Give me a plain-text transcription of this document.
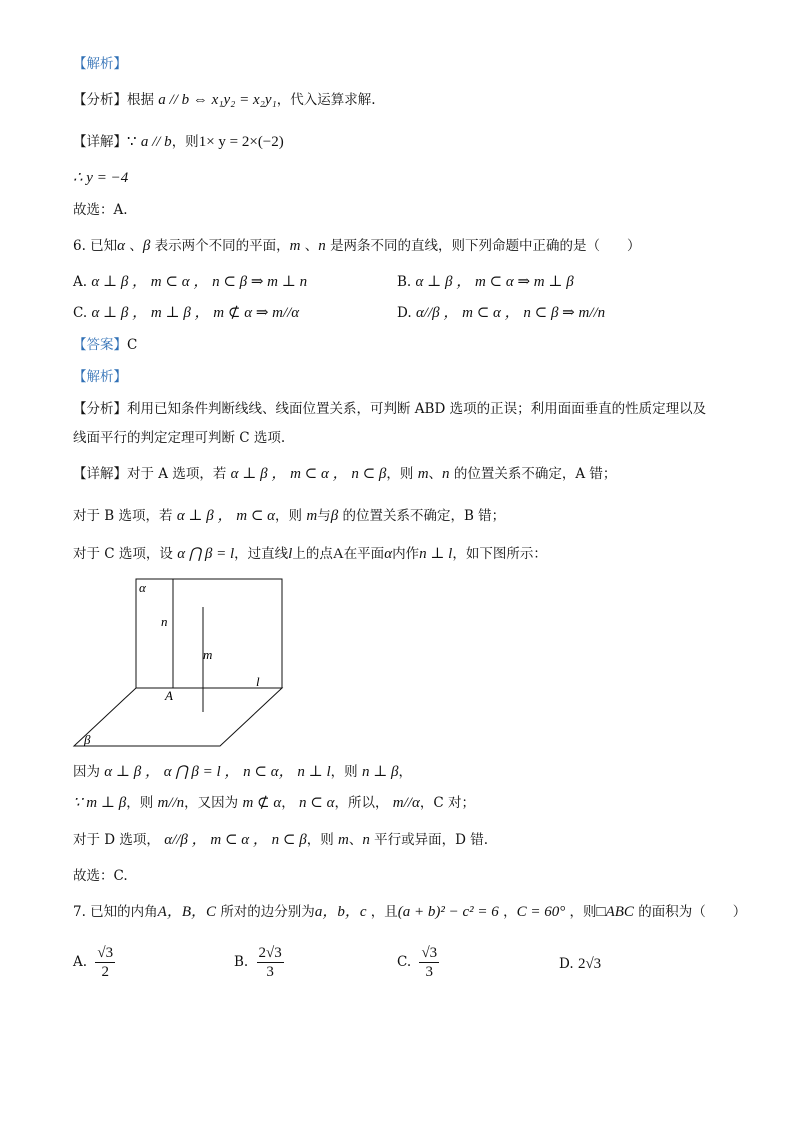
【解析】
【分析】根据 a // b ⇔ x₁y₂ = x₂y₁，代入运算求解.
【详解】∵ a // b，则1× y = 2×(−2)
∴ y = −4
故选：A.
6. 已知α 、β 表示两个不同的平面，m 、n 是两条不同的直线，则下列命题中正确的是（　　）
A. α ⊥ β ， m ⊂ α ， n ⊂ β ⇒ m ⊥ n	B. α ⊥ β ， m ⊂ α ⇒ m ⊥ β
C. α ⊥ β ， m ⊥ β ， m ⊄ α ⇒ m//α	D. α//β ， m ⊂ α ， n ⊂ β ⇒ m//n
【答案】C
【解析】
【分析】利用已知条件判断线线、线面位置关系，可判断 ABD 选项的正误；利用面面垂直的性质定理以及
线面平行的判定定理可判断 C 选项.
【详解】对于 A 选项，若 α ⊥ β ， m ⊂ α ， n ⊂ β，则 m、n 的位置关系不确定，A 错；
对于 B 选项，若 α ⊥ β ， m ⊂ α，则 m与β 的位置关系不确定，B 错；
对于 C 选项，设 α ⋂ β = l，过直线l上的点A在平面α内作n ⊥ l，如下图所示：
α
n
m
l
A
β
因为 α ⊥ β ， α ⋂ β = l ， n ⊂ α， n ⊥ l，则 n ⊥ β，
∵ m ⊥ β，则 m//n，又因为 m ⊄ α， n ⊂ α，所以， m//α，C 对；
对于 D 选项， α//β ， m ⊂ α ， n ⊂ β，则 m、n 平行或异面，D 错.
故选：C.
7. 已知的内角A，B，C 所对的边分别为a，b，c ，且(a + b)² − c² = 6 ，C = 60° ，则□ABC 的面积为（　　）
A. $\frac{√3}{2}$	B. $\frac{2√3}{3}$	C. $\frac{√3}{3}$	D. 2√3
